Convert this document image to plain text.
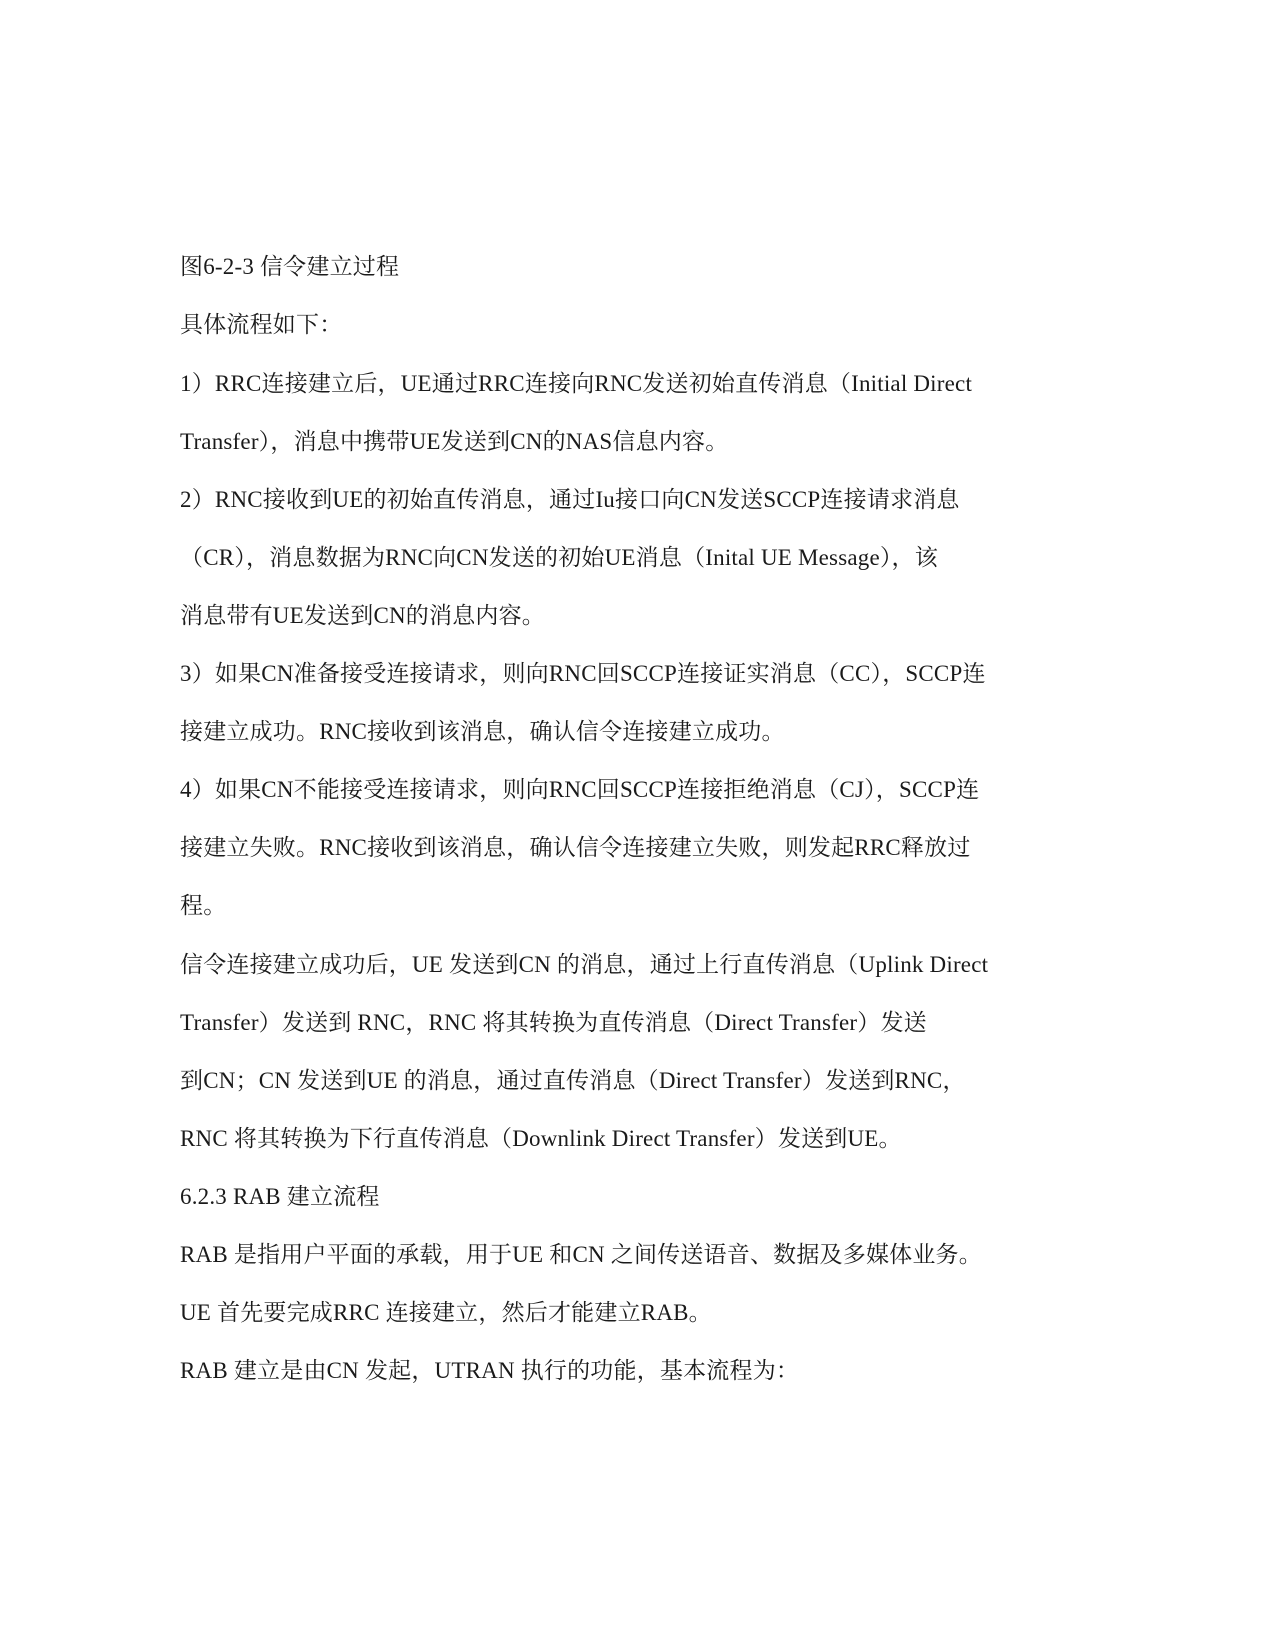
图6-2-3 信令建立过程
具体流程如下：
1）RRC连接建立后，UE通过RRC连接向RNC发送初始直传消息（Initial Direct
Transfer），消息中携带UE发送到CN的NAS信息内容。
2）RNC接收到UE的初始直传消息，通过Iu接口向CN发送SCCP连接请求消息
（CR），消息数据为RNC向CN发送的初始UE消息（Inital UE Message），该
消息带有UE发送到CN的消息内容。
3）如果CN准备接受连接请求，则向RNC回SCCP连接证实消息（CC），SCCP连
接建立成功。RNC接收到该消息，确认信令连接建立成功。
4）如果CN不能接受连接请求，则向RNC回SCCP连接拒绝消息（CJ），SCCP连
接建立失败。RNC接收到该消息，确认信令连接建立失败，则发起RRC释放过
程。
信令连接建立成功后，UE 发送到CN 的消息，通过上行直传消息（Uplink Direct
Transfer）发送到 RNC，RNC 将其转换为直传消息（Direct Transfer）发送
到CN；CN 发送到UE 的消息，通过直传消息（Direct Transfer）发送到RNC，
RNC 将其转换为下行直传消息（Downlink Direct Transfer）发送到UE。
6.2.3 RAB 建立流程
RAB 是指用户平面的承载，用于UE 和CN 之间传送语音、数据及多媒体业务。
UE 首先要完成RRC 连接建立，然后才能建立RAB。
RAB 建立是由CN 发起，UTRAN 执行的功能，基本流程为：
